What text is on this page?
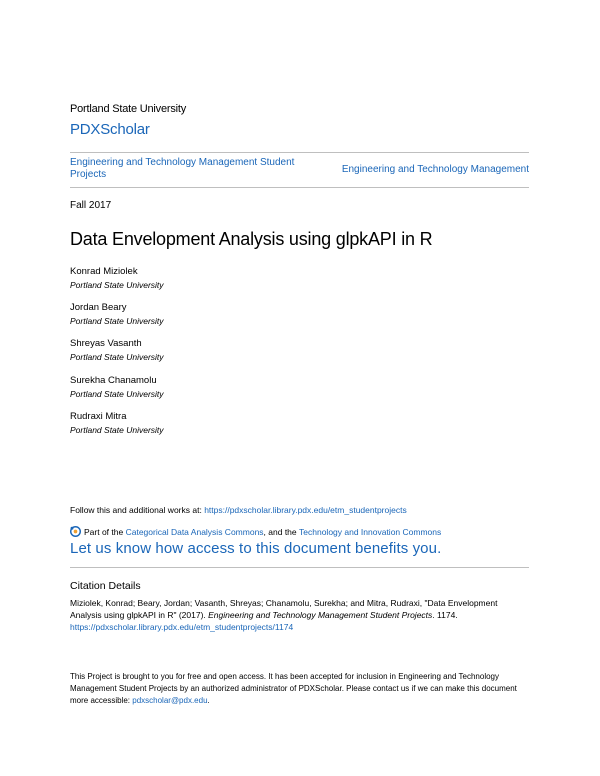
Portland State University
PDXScholar
Engineering and Technology Management Student Projects	Engineering and Technology Management
Fall 2017
Data Envelopment Analysis using glpkAPI in R
Konrad Miziolek
Portland State University
Jordan Beary
Portland State University
Shreyas Vasanth
Portland State University
Surekha Chanamolu
Portland State University
Rudraxi Mitra
Portland State University
Follow this and additional works at: https://pdxscholar.library.pdx.edu/etm_studentprojects
Part of the
Categorical Data Analysis Commons , and the
Technology and Innovation Commons
Let us know how access to this document benefits you.
Citation Details
Miziolek, Konrad; Beary, Jordan; Vasanth, Shreyas; Chanamolu, Surekha; and Mitra, Rudraxi, "Data Envelopment Analysis using glpkAPI in R" (2017). Engineering and Technology Management Student Projects. 1174.
https://pdxscholar.library.pdx.edu/etm_studentprojects/1174
This Project is brought to you for free and open access. It has been accepted for inclusion in Engineering and Technology Management Student Projects by an authorized administrator of PDXScholar. Please contact us if we can make this document more accessible: pdxscholar@pdx.edu.
